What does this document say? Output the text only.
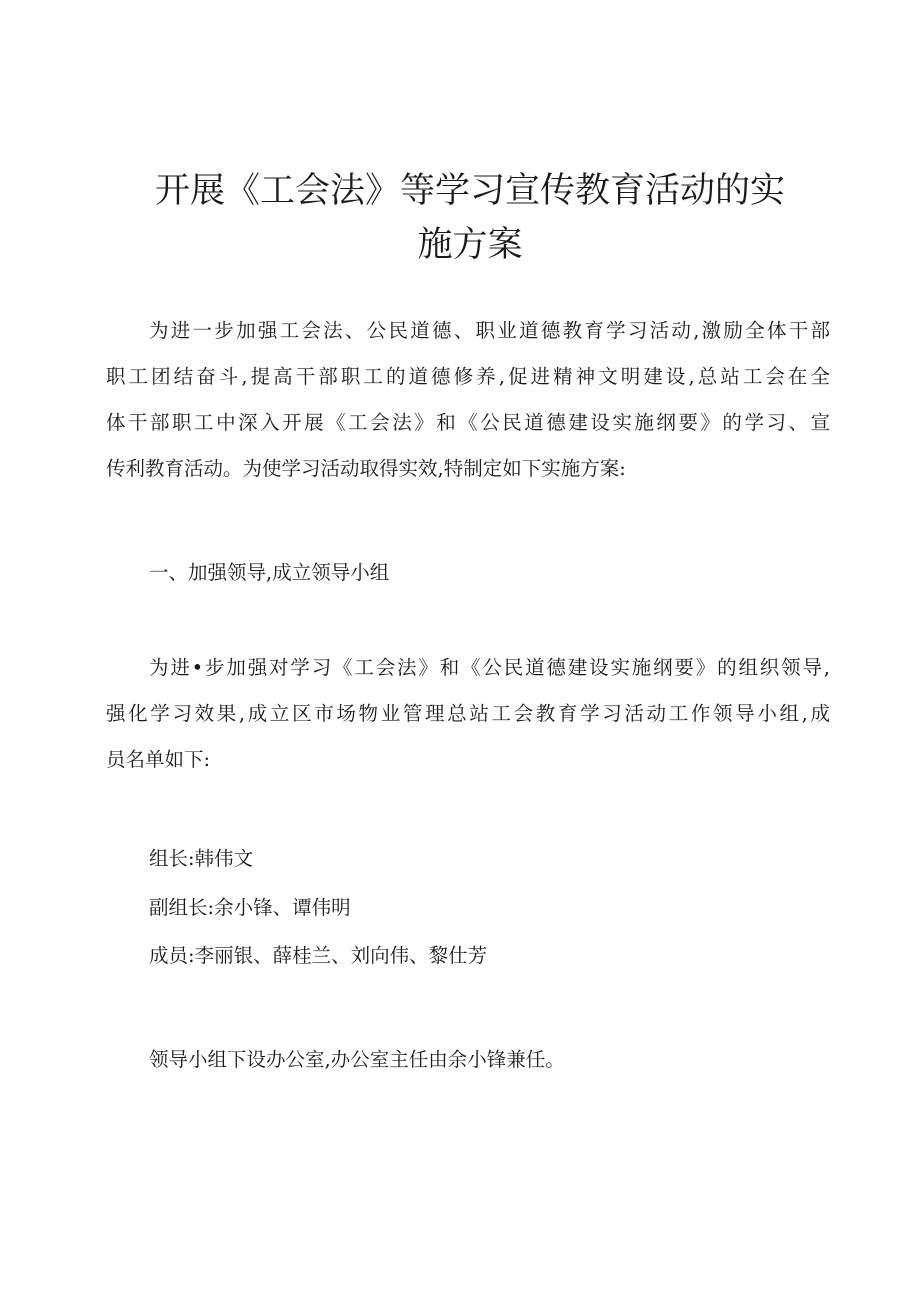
开展《工会法》等学习宣传教育活动的实
施方案
为进一步加强工会法、公民道德、职业道德教育学习活动,激励全体干部
职工团结奋斗,提高干部职工的道德修养,促进精神文明建设,总站工会在全
体干部职工中深入开展《工会法》和《公民道德建设实施纲要》的学习、宣
传利教育活动。为使学习活动取得实效,特制定如下实施方案:

一、加强领导,成立领导小组

为进•步加强对学习《工会法》和《公民道德建设实施纲要》的组织领导,
强化学习效果,成立区市场物业管理总站工会教育学习活动工作领导小组,成
员名单如下:

组长:韩伟文

副组长:余小锋、谭伟明

成员:李丽银、薛桂兰、刘向伟、黎仕芳

领导小组下设办公室,办公室主任由余小锋兼任。
